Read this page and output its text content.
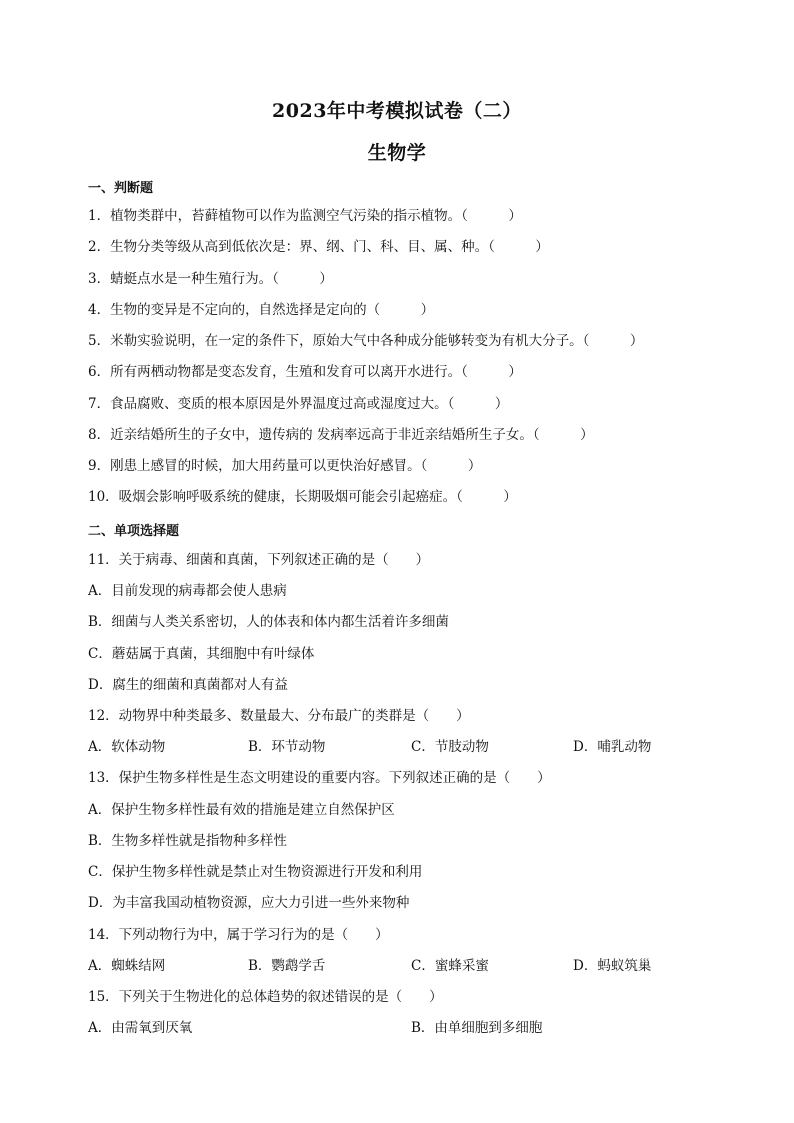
2023年中考模拟试卷（二）
生物学
一、判断题
1．植物类群中，苔藓植物可以作为监测空气污染的指示植物。（　　　）
2．生物分类等级从高到低依次是：界、纲、门、科、目、属、种。（　　　）
3．蜻蜓点水是一种生殖行为。（　　　）
4．生物的变异是不定向的，自然选择是定向的（　　　）
5．米勒实验说明，在一定的条件下，原始大气中各种成分能够转变为有机大分子。（　　　）
6．所有两栖动物都是变态发育，生殖和发育可以离开水进行。（　　　）
7．食品腐败、变质的根本原因是外界温度过高或湿度过大。（　　　）
8．近亲结婚所生的子女中，遗传病的 发病率远高于非近亲结婚所生子女。（　　　）
9．刚患上感冒的时候，加大用药量可以更快治好感冒。（　　　）
10．吸烟会影响呼吸系统的健康，长期吸烟可能会引起癌症。（　　　）
二、单项选择题
11．关于病毒、细菌和真菌，下列叙述正确的是（　　）
A．目前发现的病毒都会使人患病
B．细菌与人类关系密切，人的体表和体内都生活着许多细菌
C．蘑菇属于真菌，其细胞中有叶绿体
D．腐生的细菌和真菌都对人有益
12．动物界中种类最多、数量最大、分布最广的类群是（　　）
A．软体动物	B．环节动物	C．节肢动物	D．哺乳动物
13．保护生物多样性是生态文明建设的重要内容。下列叙述正确的是（　　）
A．保护生物多样性最有效的措施是建立自然保护区
B．生物多样性就是指物种多样性
C．保护生物多样性就是禁止对生物资源进行开发和利用
D．为丰富我国动植物资源，应大力引进一些外来物种
14．下列动物行为中，属于学习行为的是（　　）
A．蜘蛛结网	B．鹦鹉学舌	C．蜜蜂采蜜	D．蚂蚁筑巢
15．下列关于生物进化的总体趋势的叙述错误的是（　　）
A．由需氧到厌氧	B．由单细胞到多细胞
